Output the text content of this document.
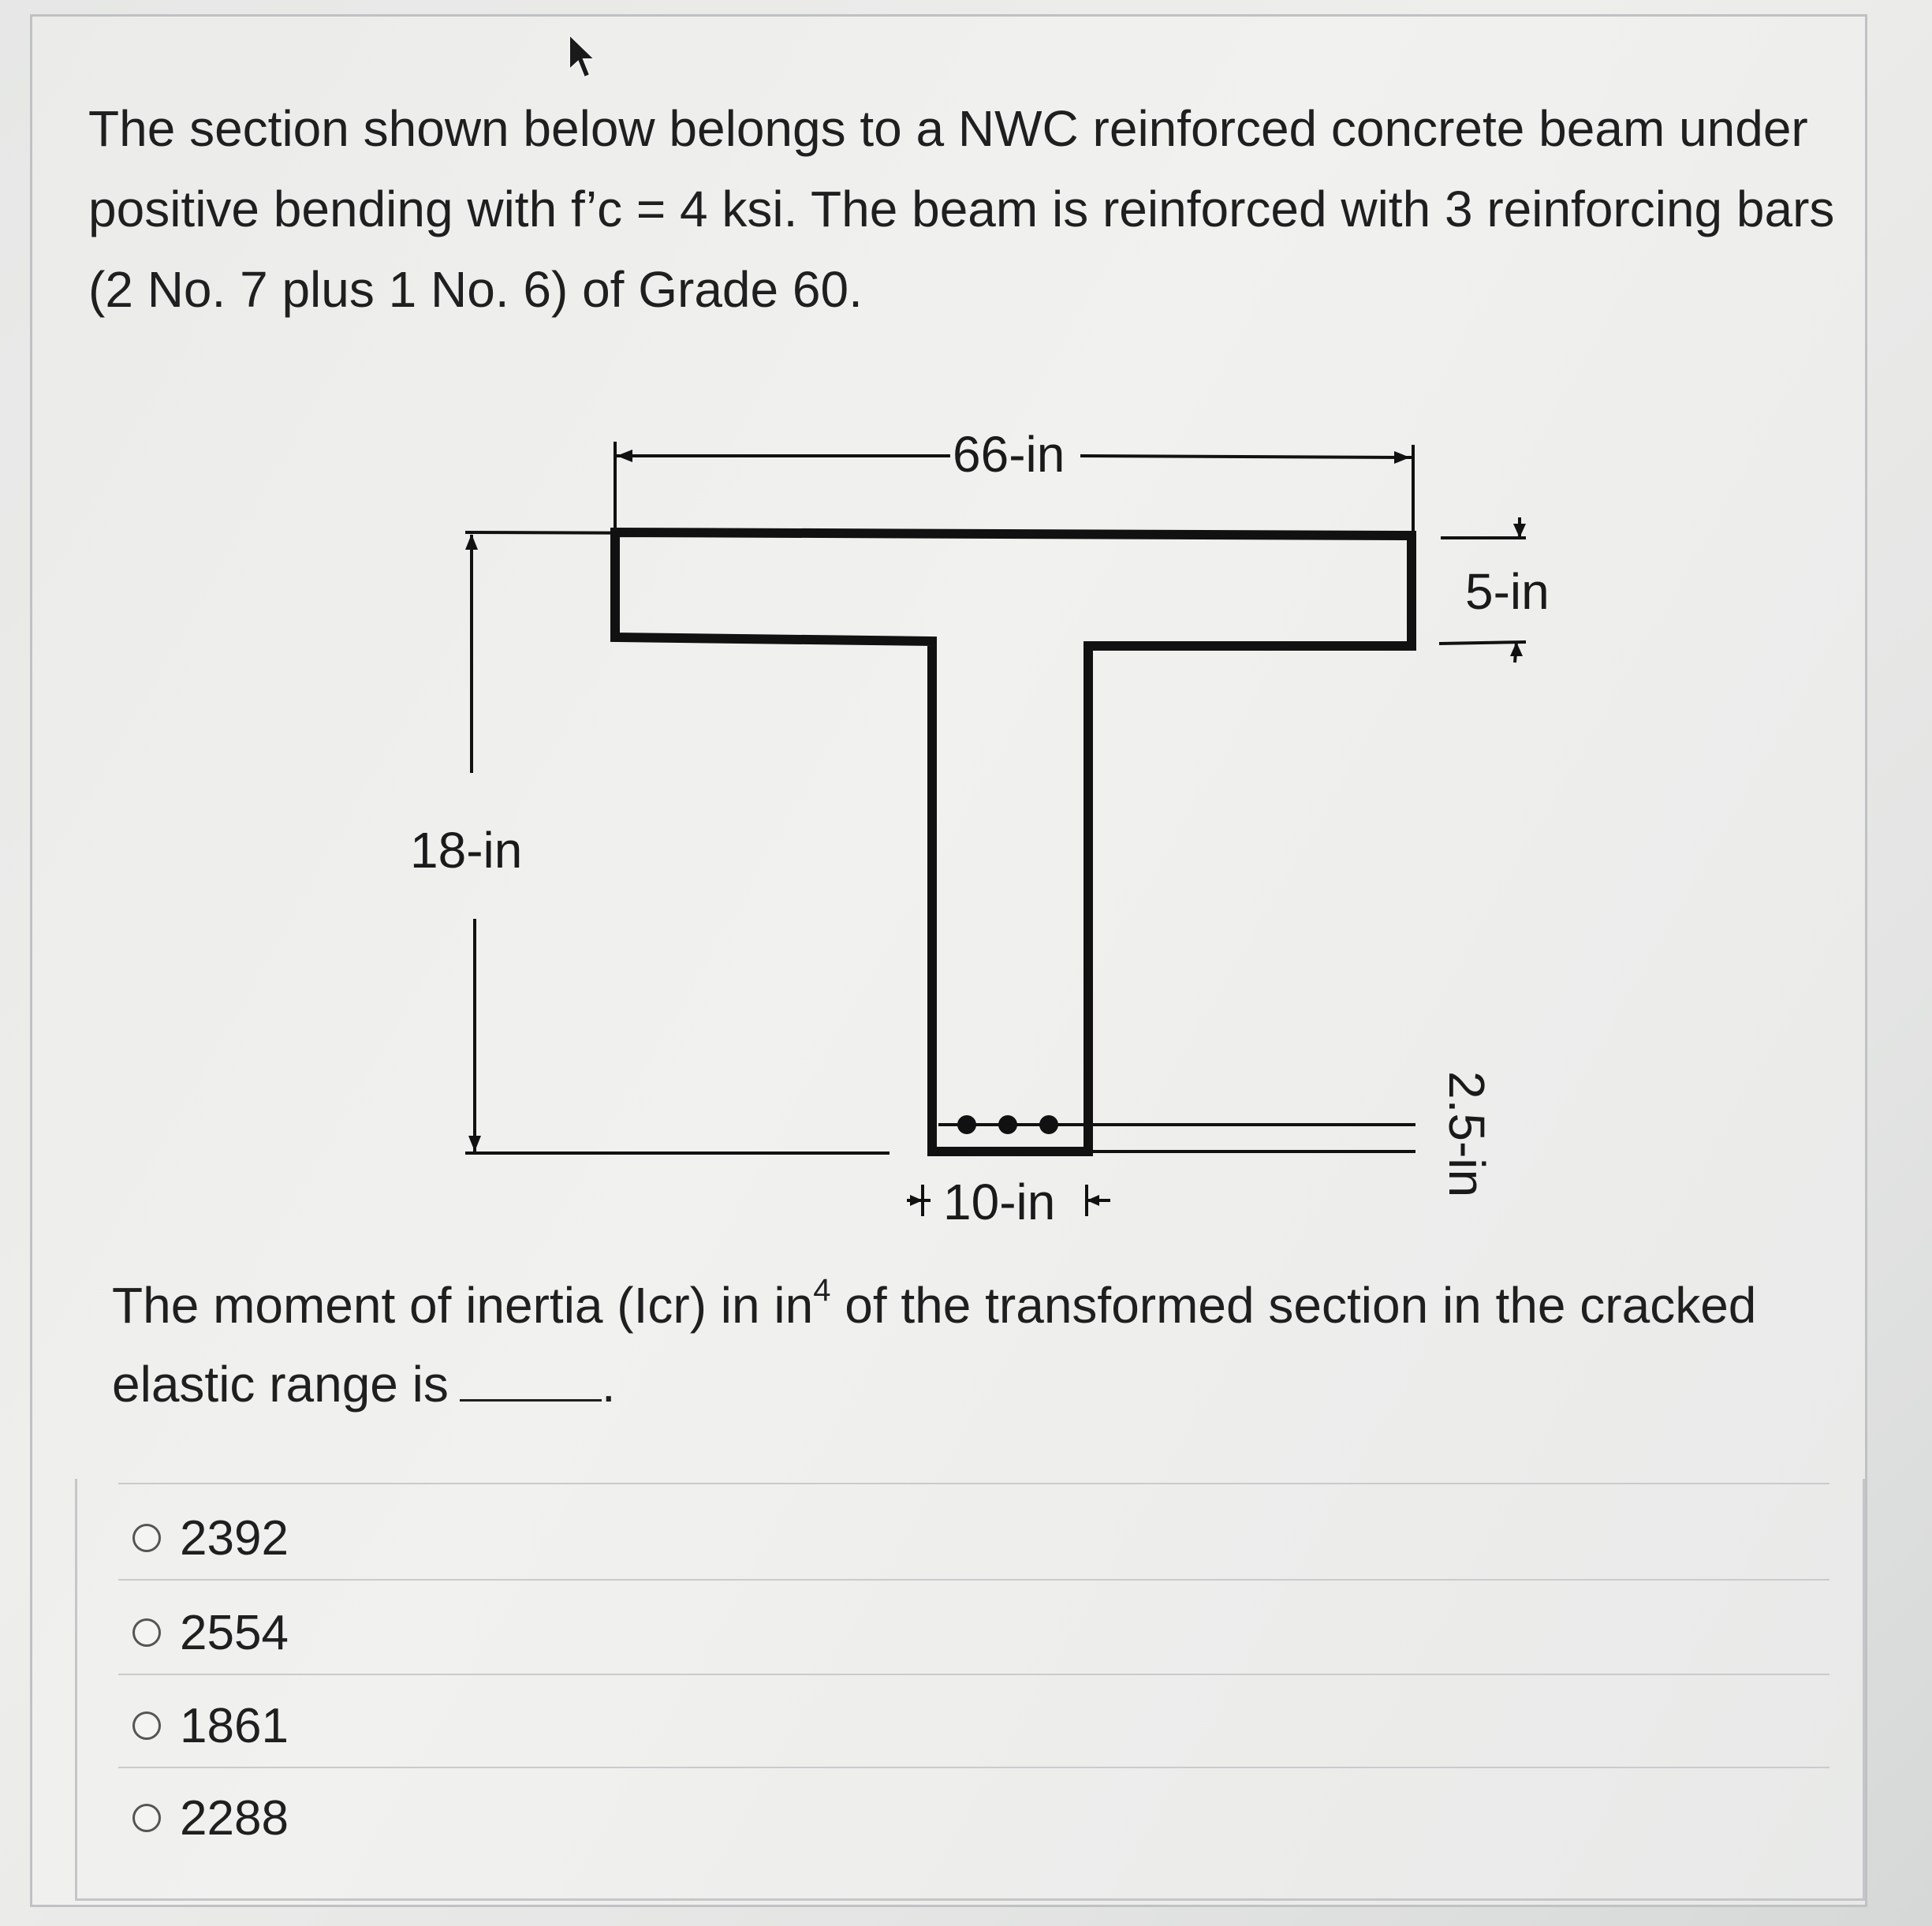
The section shown below belongs to a NWC reinforced concrete beam under positive bending with f’c = 4 ksi. The beam is reinforced with 3 reinforcing bars (2 No. 7 plus 1 No. 6) of Grade 60.
66-in
5-in
18-in
2.5-in
10-in
The moment of inertia (Icr) in $in^4$ of the transformed section in the cracked elastic range is	.
2392
2554
1861
2288
